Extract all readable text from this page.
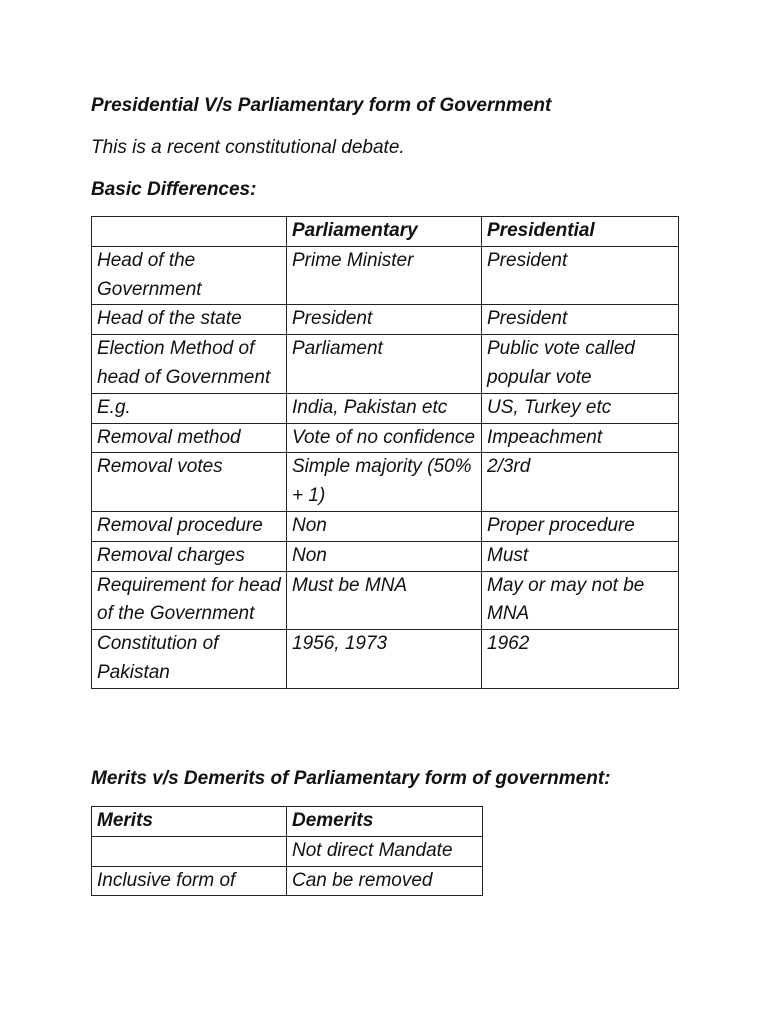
Presidential V/s Parliamentary form of Government
This is a recent constitutional debate.
Basic Differences:
	Parliamentary	Presidential
Head of the Government	Prime Minister	President
Head of the state	President	President
Election Method of head of Government	Parliament	Public vote called popular vote
E.g.	India, Pakistan etc	US, Turkey etc
Removal method	Vote of no confidence	Impeachment
Removal votes	Simple majority (50% + 1)	2/3rd
Removal procedure	Non	Proper procedure
Removal charges	Non	Must
Requirement for head of the Government	Must be MNA	May or may not be MNA
Constitution of Pakistan	1956, 1973	1962
Merits v/s Demerits of Parliamentary form of government:
Merits	Demerits
	Not direct Mandate
Inclusive form of	Can be removed
